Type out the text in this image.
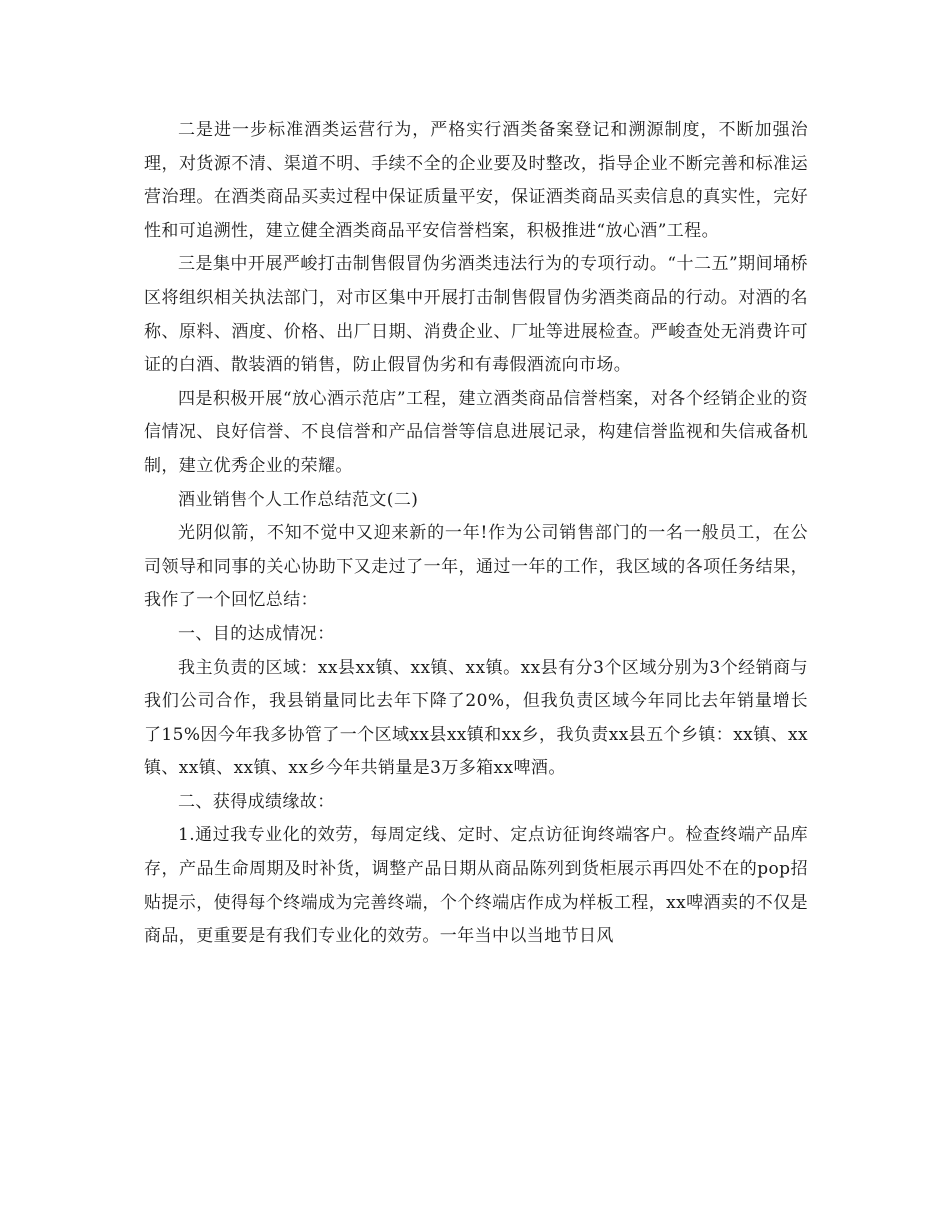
二是进一步标准酒类运营行为，严格实行酒类备案登记和溯源制度，不断加强治理，对货源不清、渠道不明、手续不全的企业要及时整改，指导企业不断完善和标准运营治理。在酒类商品买卖过程中保证质量平安，保证酒类商品买卖信息的真实性，完好性和可追溯性，建立健全酒类商品平安信誉档案，积极推进“放心酒”工程。

三是集中开展严峻打击制售假冒伪劣酒类违法行为的专项行动。“十二五”期间埇桥区将组织相关执法部门，对市区集中开展打击制售假冒伪劣酒类商品的行动。对酒的名称、原料、酒度、价格、出厂日期、消费企业、厂址等进展检查。严峻查处无消费许可证的白酒、散装酒的销售，防止假冒伪劣和有毒假酒流向市场。

四是积极开展“放心酒示范店”工程，建立酒类商品信誉档案，对各个经销企业的资信情况、良好信誉、不良信誉和产品信誉等信息进展记录，构建信誉监视和失信戒备机制，建立优秀企业的荣耀。

酒业销售个人工作总结范文(二)

光阴似箭，不知不觉中又迎来新的一年!作为公司销售部门的一名一般员工，在公司领导和同事的关心协助下又走过了一年，通过一年的工作，我区域的各项任务结果，我作了一个回忆总结：

一、目的达成情况：

我主负责的区域：xx县xx镇、xx镇、xx镇。xx县有分3个区域分别为3个经销商与我们公司合作，我县销量同比去年下降了20%，但我负责区域今年同比去年销量增长了15%因今年我多协管了一个区域xx县xx镇和xx乡，我负责xx县五个乡镇：xx镇、xx镇、xx镇、xx镇、xx乡今年共销量是3万多箱xx啤酒。

二、获得成绩缘故：

1.通过我专业化的效劳，每周定线、定时、定点访征询终端客户。检查终端产品库存，产品生命周期及时补货，调整产品日期从商品陈列到货柜展示再四处不在的pop招贴提示，使得每个终端成为完善终端，个个终端店作成为样板工程，xx啤酒卖的不仅是商品，更重要是有我们专业化的效劳。一年当中以当地节日风
